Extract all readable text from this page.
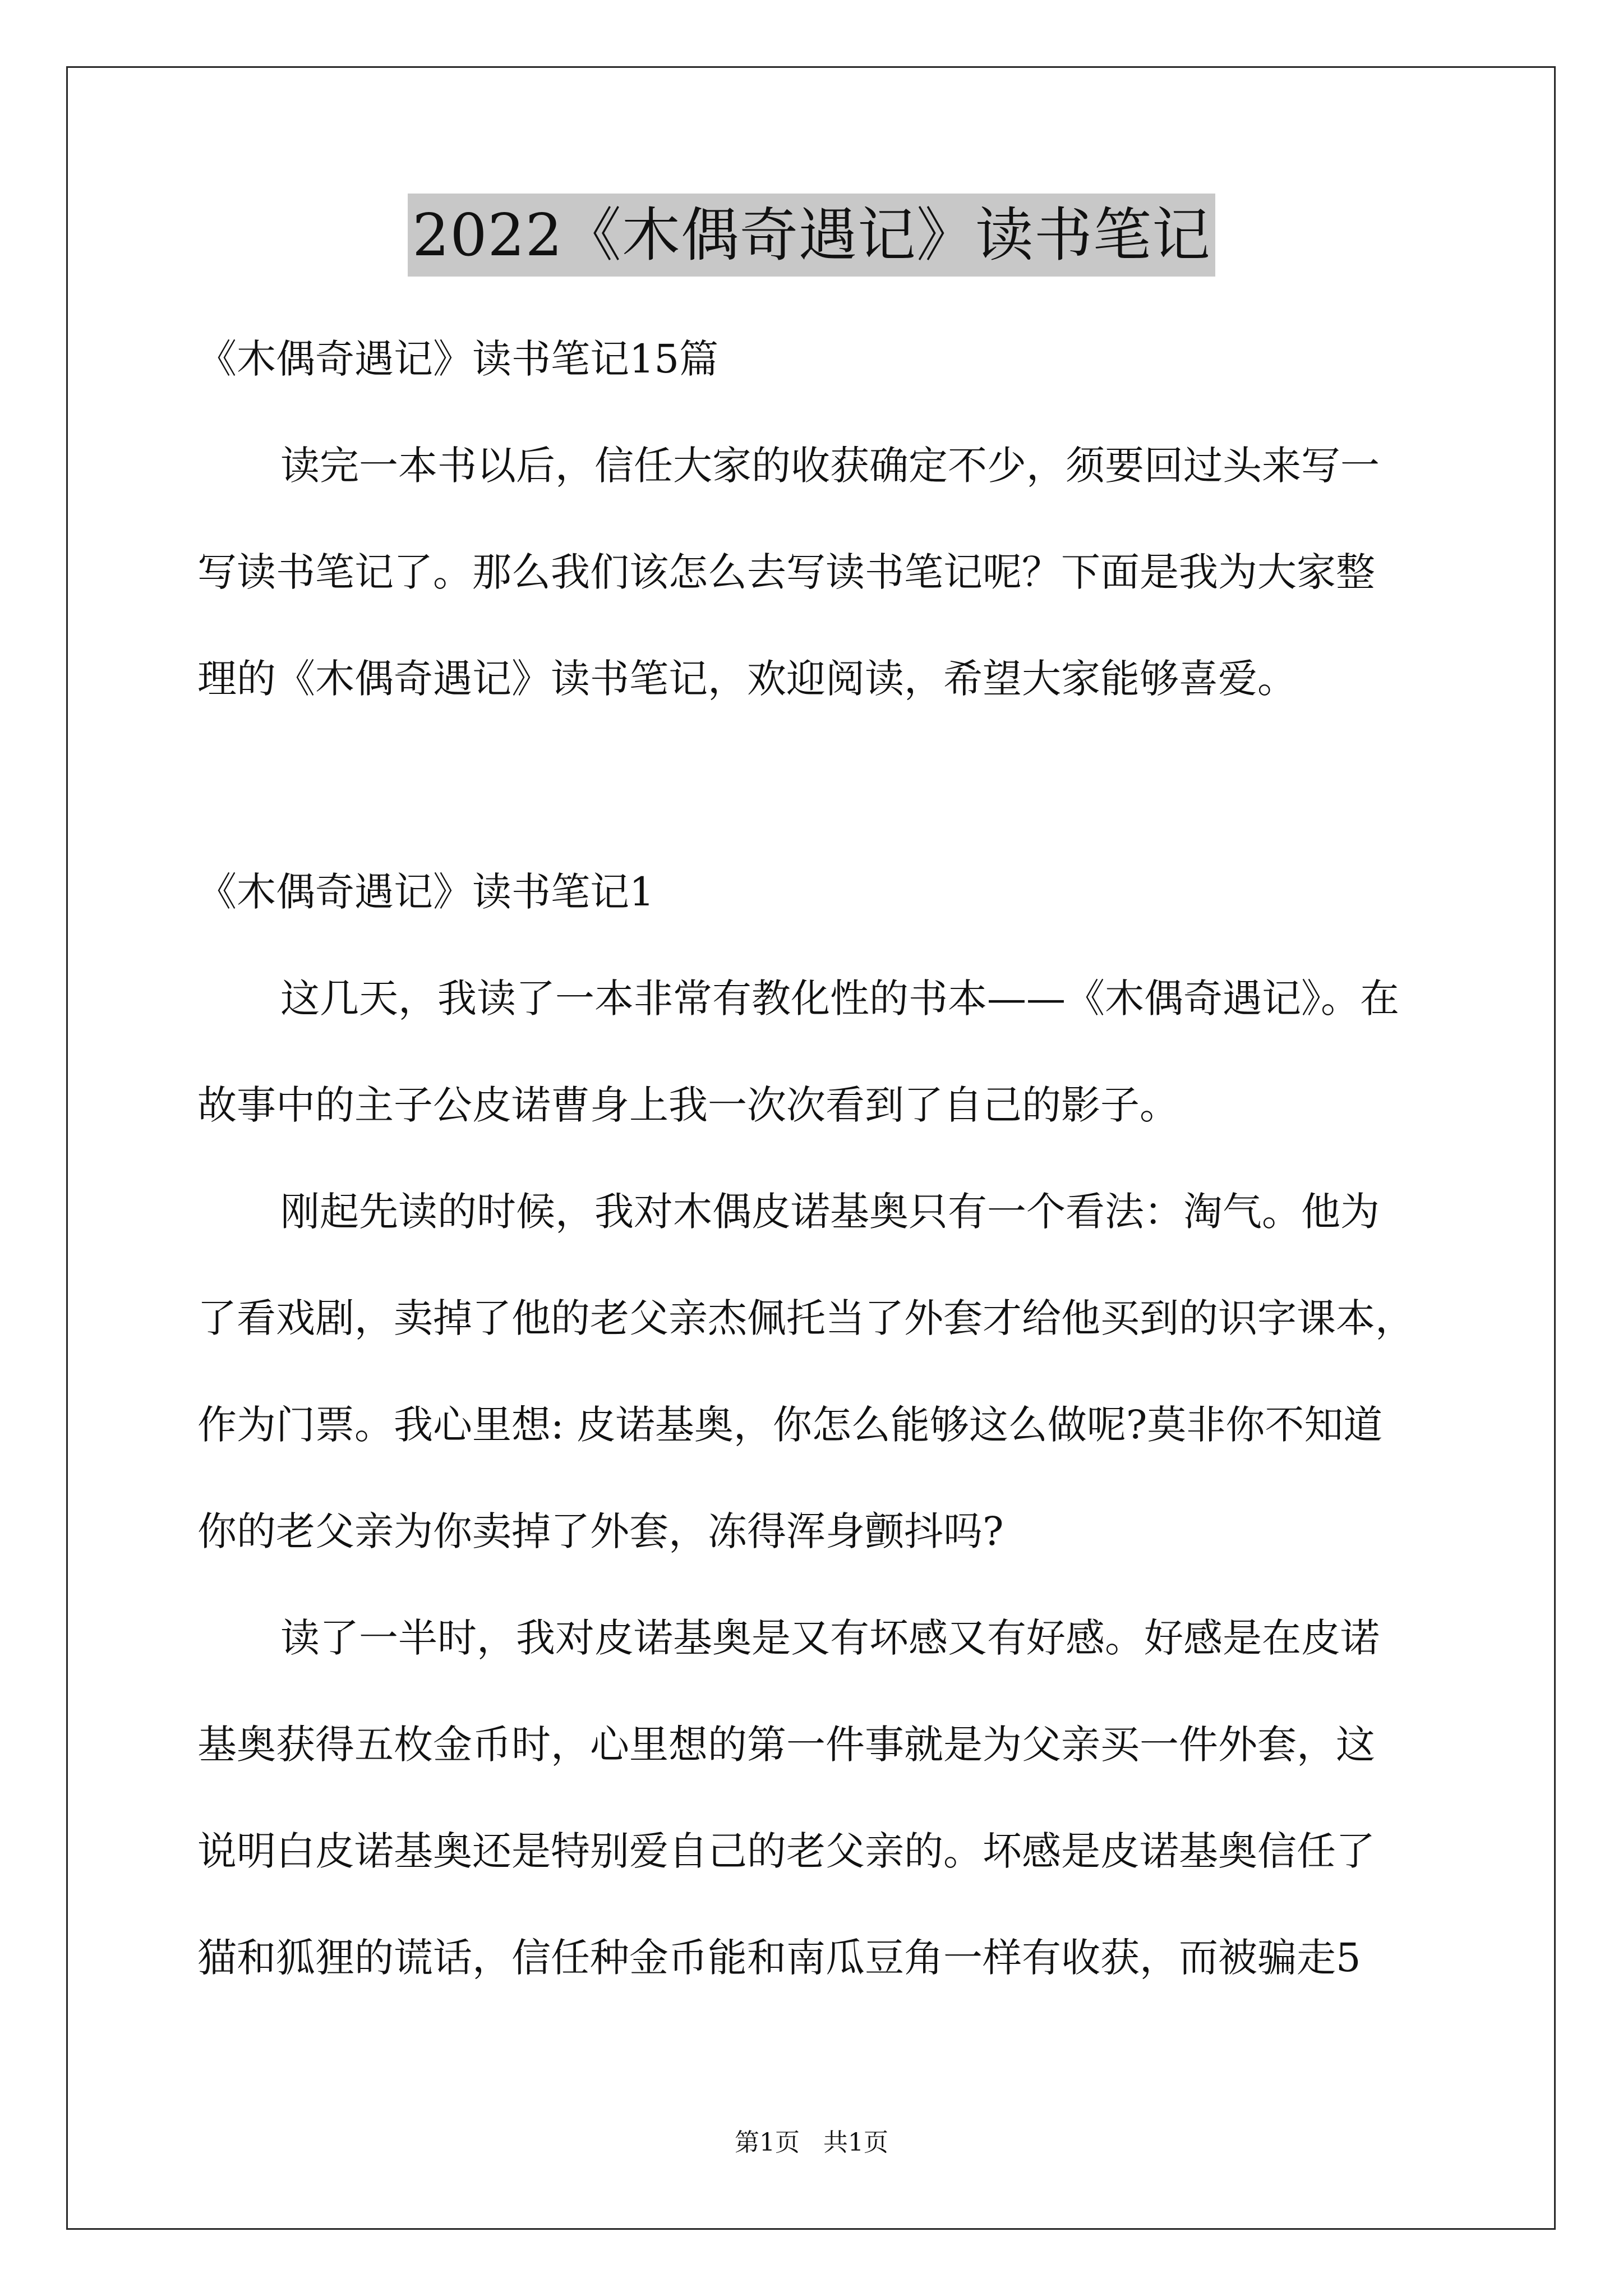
2022《木偶奇遇记》读书笔记
《木偶奇遇记》读书笔记15篇
读完一本书以后，信任大家的收获确定不少，须要回过头来写一
写读书笔记了。那么我们该怎么去写读书笔记呢？下面是我为大家整
理的《木偶奇遇记》读书笔记，欢迎阅读，希望大家能够喜爱。
《木偶奇遇记》读书笔记1
这几天，我读了一本非常有教化性的书本——《木偶奇遇记》。在
故事中的主子公皮诺曹身上我一次次看到了自己的影子。
刚起先读的时候，我对木偶皮诺基奥只有一个看法：淘气。他为
了看戏剧，卖掉了他的老父亲杰佩托当了外套才给他买到的识字课本，
作为门票。我心里想: 皮诺基奥，你怎么能够这么做呢?莫非你不知道
你的老父亲为你卖掉了外套，冻得浑身颤抖吗?
读了一半时，我对皮诺基奥是又有坏感又有好感。好感是在皮诺
基奥获得五枚金币时，心里想的第一件事就是为父亲买一件外套，这
说明白皮诺基奥还是特别爱自己的老父亲的。坏感是皮诺基奥信任了
猫和狐狸的谎话，信任种金币能和南瓜豆角一样有收获，而被骗走5
第1页   共1页
